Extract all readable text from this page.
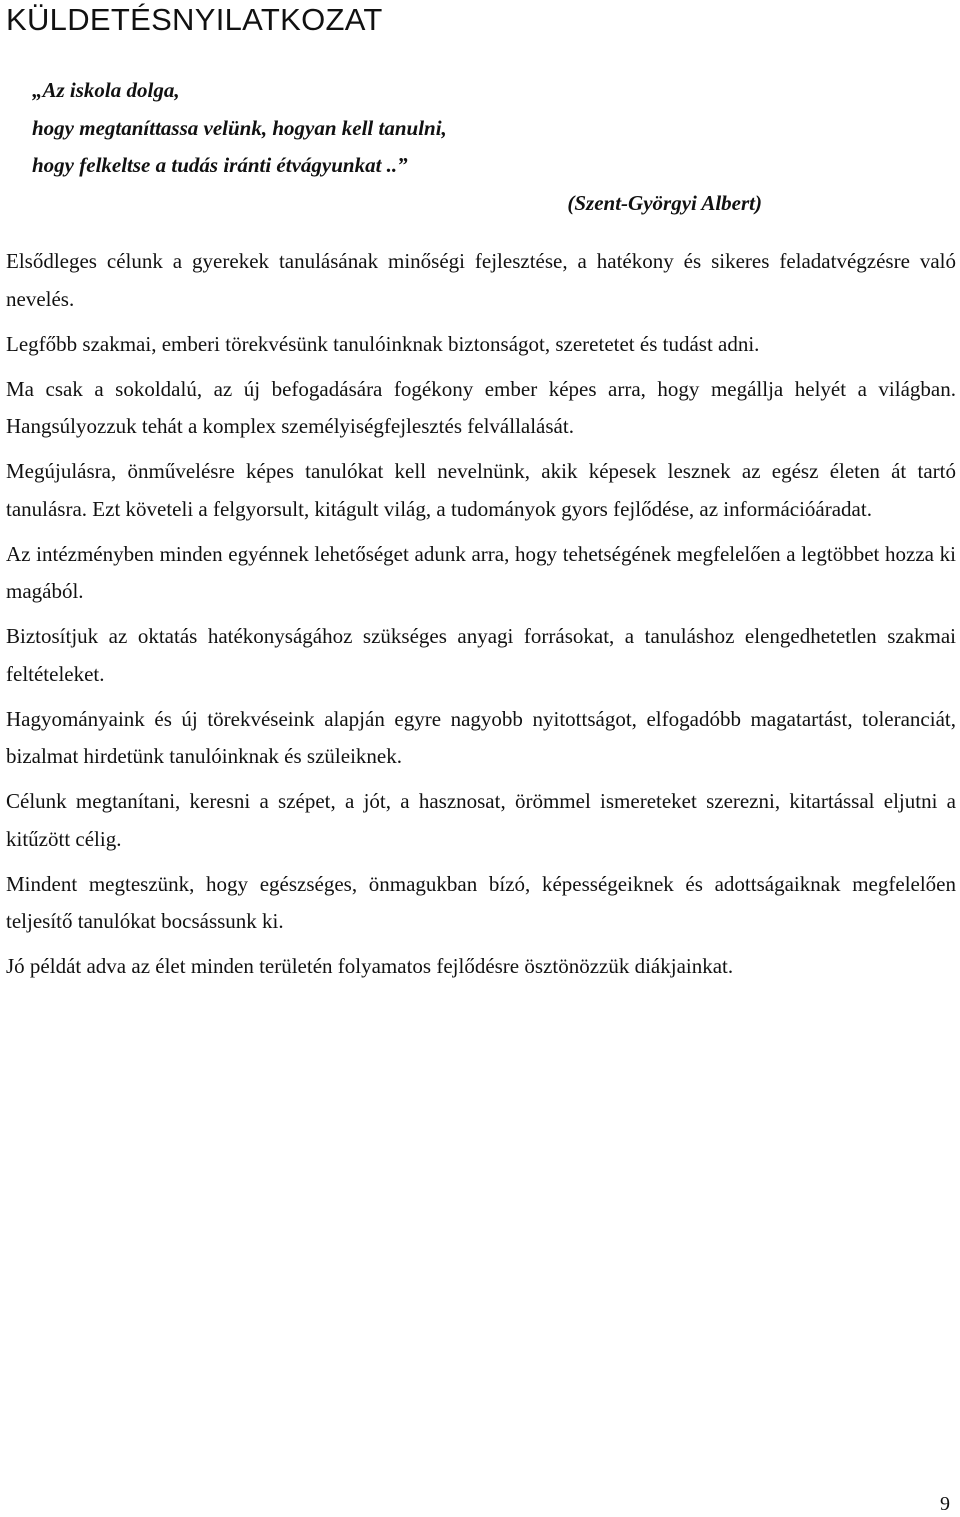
KÜLDETÉSNYILATKOZAT
„Az iskola dolga,
hogy megtaníttassa velünk, hogyan kell tanulni,
hogy felkeltse a tudás iránti étvágyunkat ..”
(Szent-Györgyi Albert)

Elsődleges célunk a gyerekek tanulásának minőségi fejlesztése, a hatékony és sikeres feladatvégzésre való nevelés.

Legfőbb szakmai, emberi törekvésünk tanulóinknak biztonságot, szeretetet és tudást adni.

Ma csak a sokoldalú, az új befogadására fogékony ember képes arra, hogy megállja helyét a világban. Hangsúlyozzuk tehát a komplex személyiségfejlesztés felvállalását.

Megújulásra, önművelésre képes tanulókat kell nevelnünk, akik képesek lesznek az egész életen át tartó tanulásra. Ezt követeli a felgyorsult, kitágult világ, a tudományok gyors fejlődése, az információáradat.

Az intézményben minden egyénnek lehetőséget adunk arra, hogy tehetségének megfelelően a legtöbbet hozza ki magából.

Biztosítjuk az oktatás hatékonyságához szükséges anyagi forrásokat, a tanuláshoz elengedhetetlen szakmai feltételeket.

Hagyományaink és új törekvéseink alapján egyre nagyobb nyitottságot, elfogadóbb magatartást, toleranciát, bizalmat hirdetünk tanulóinknak és szüleiknek.

Célunk megtanítani, keresni a szépet, a jót, a hasznosat, örömmel ismereteket szerezni, kitartással eljutni a kitűzött célig.

Mindent megteszünk, hogy egészséges, önmagukban bízó, képességeiknek és adottságaiknak megfelelően teljesítő tanulókat bocsássunk ki.

Jó példát adva az élet minden területén folyamatos fejlődésre ösztönözzük diákjainkat.

9
